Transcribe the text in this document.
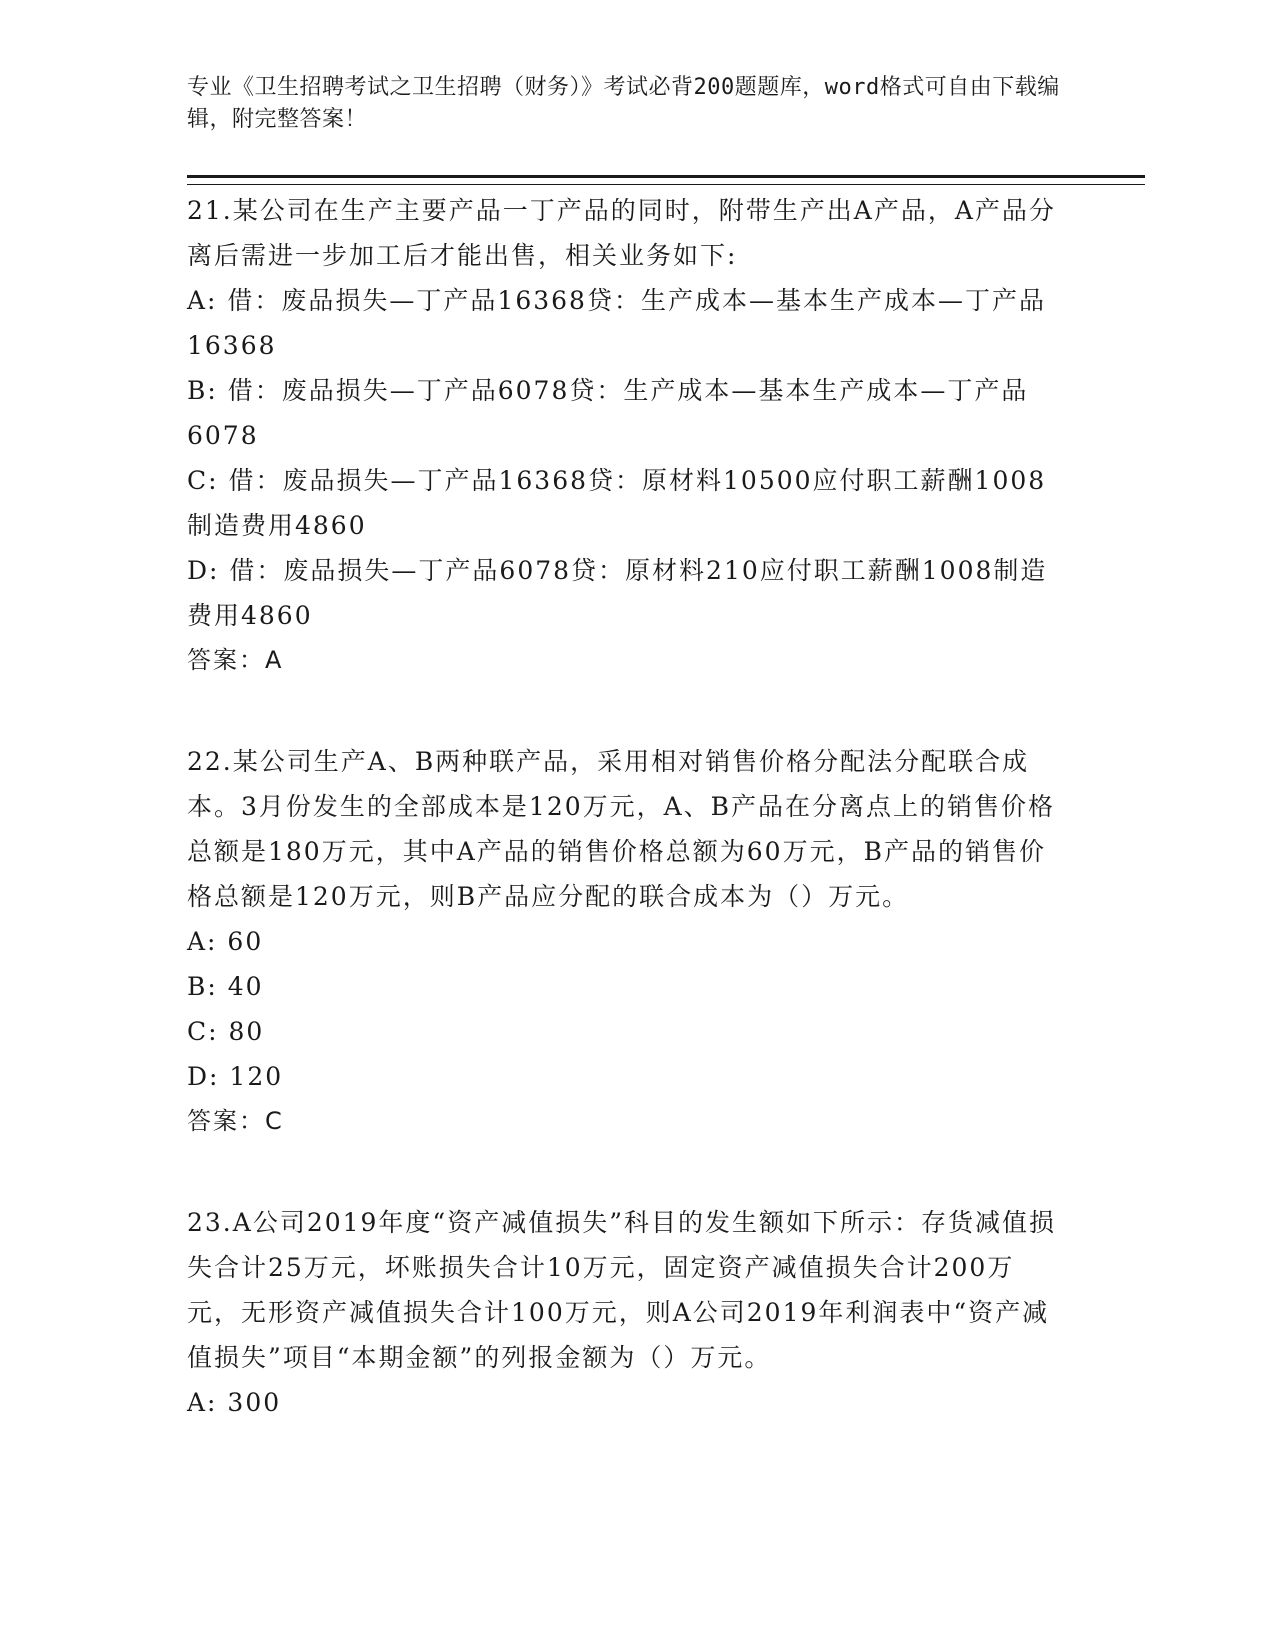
专业《卫生招聘考试之卫生招聘（财务）》考试必背200题题库，word格式可自由下载编辑，附完整答案！

21.某公司在生产主要产品一丁产品的同时，附带生产出A产品，A产品分离后需进一步加工后才能出售，相关业务如下:

A: 借：废品损失—丁产品16368贷：生产成本—基本生产成本—丁产品16368

B: 借：废品损失—丁产品6078贷：生产成本—基本生产成本—丁产品6078

C: 借：废品损失—丁产品16368贷：原材料10500应付职工薪酬1008制造费用4860

D: 借：废品损失—丁产品6078贷：原材料210应付职工薪酬1008制造费用4860

答案：A

22.某公司生产A、B两种联产品，采用相对销售价格分配法分配联合成本。3月份发生的全部成本是120万元，A、B产品在分离点上的销售价格总额是180万元，其中A产品的销售价格总额为60万元，B产品的销售价格总额是120万元，则B产品应分配的联合成本为（）万元。

A: 60

B: 40

C: 80

D: 120

答案：C

23.A公司2019年度“资产减值损失”科目的发生额如下所示：存货减值损失合计25万元，坏账损失合计10万元，固定资产减值损失合计200万元，无形资产减值损失合计100万元，则A公司2019年利润表中“资产减值损失”项目“本期金额”的列报金额为（）万元。

A: 300
